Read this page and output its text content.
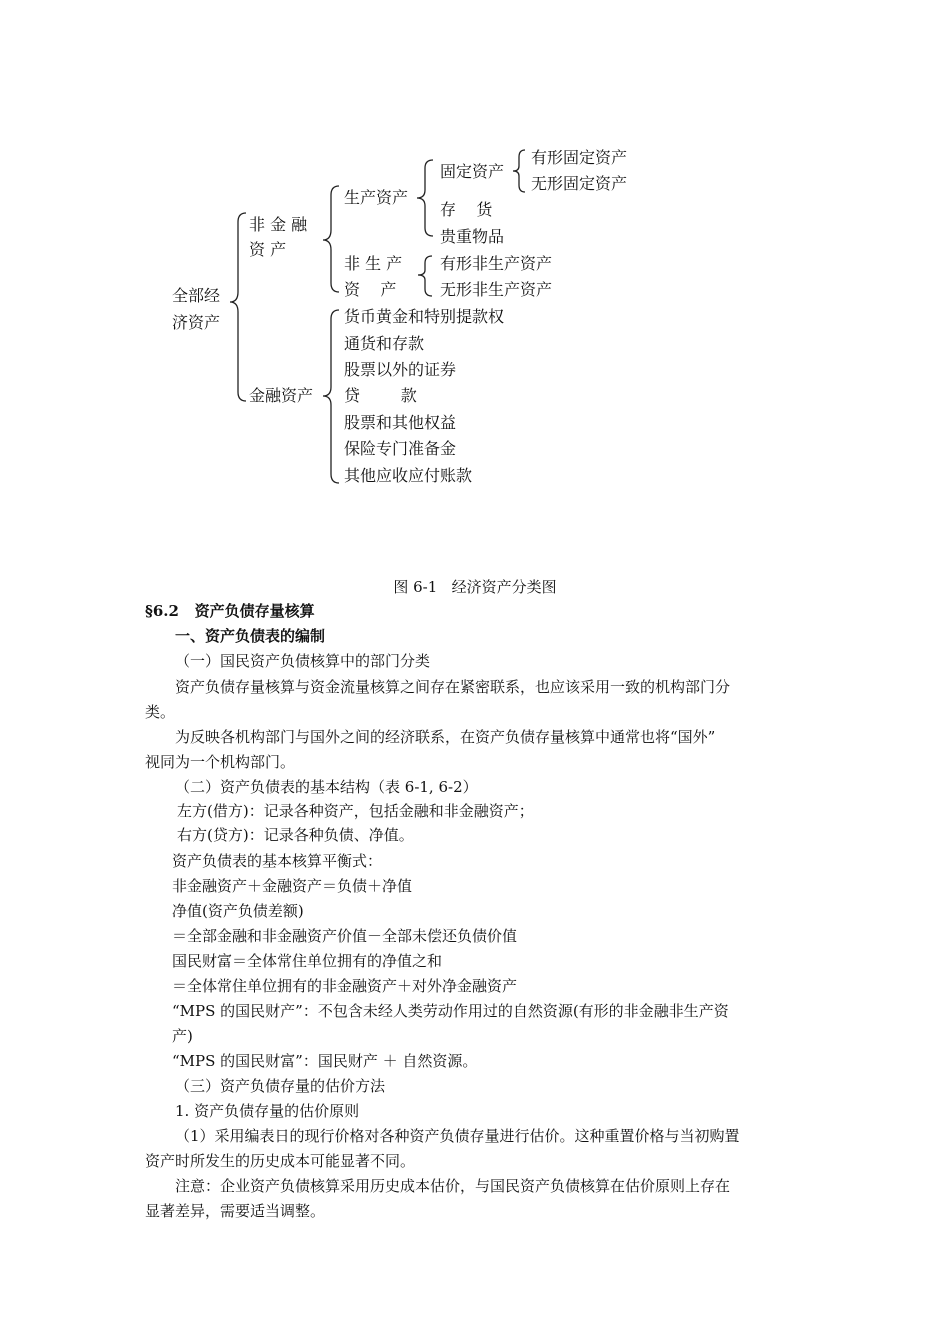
全部经
济资产
非 金 融
资 产
生产资产
固定资产
有形固定资产
无形固定资产
存    货
贵重物品
非 生 产
资    产
有形非生产资产
无形非生产资产
金融资产
货币黄金和特别提款权
通货和存款
股票以外的证券
贷        款
股票和其他权益
保险专门准备金
其他应收应付账款
图 6-1   经济资产分类图
§6.2   资产负债存量核算
一、资产负债表的编制
（一）国民资产负债核算中的部门分类
资产负债存量核算与资金流量核算之间存在紧密联系，也应该采用一致的机构部门分
类。
为反映各机构部门与国外之间的经济联系，在资产负债存量核算中通常也将“国外”
视同为一个机构部门。
（二）资产负债表的基本结构（表 6-1, 6-2）
左方(借方)：记录各种资产，包括金融和非金融资产；
右方(贷方)：记录各种负债、净值。
资产负债表的基本核算平衡式：
非金融资产＋金融资产＝负债＋净值
净值(资产负债差额)
＝全部金融和非金融资产价值－全部未偿还负债价值
国民财富＝全体常住单位拥有的净值之和
＝全体常住单位拥有的非金融资产＋对外净金融资产
“MPS 的国民财产”：不包含未经人类劳动作用过的自然资源(有形的非金融非生产资
产)
“MPS 的国民财富”：国民财产 ＋ 自然资源。
（三）资产负债存量的估价方法
1. 资产负债存量的估价原则
（1）采用编表日的现行价格对各种资产负债存量进行估价。这种重置价格与当初购置
资产时所发生的历史成本可能显著不同。
注意：企业资产负债核算采用历史成本估价，与国民资产负债核算在估价原则上存在
显著差异，需要适当调整。
